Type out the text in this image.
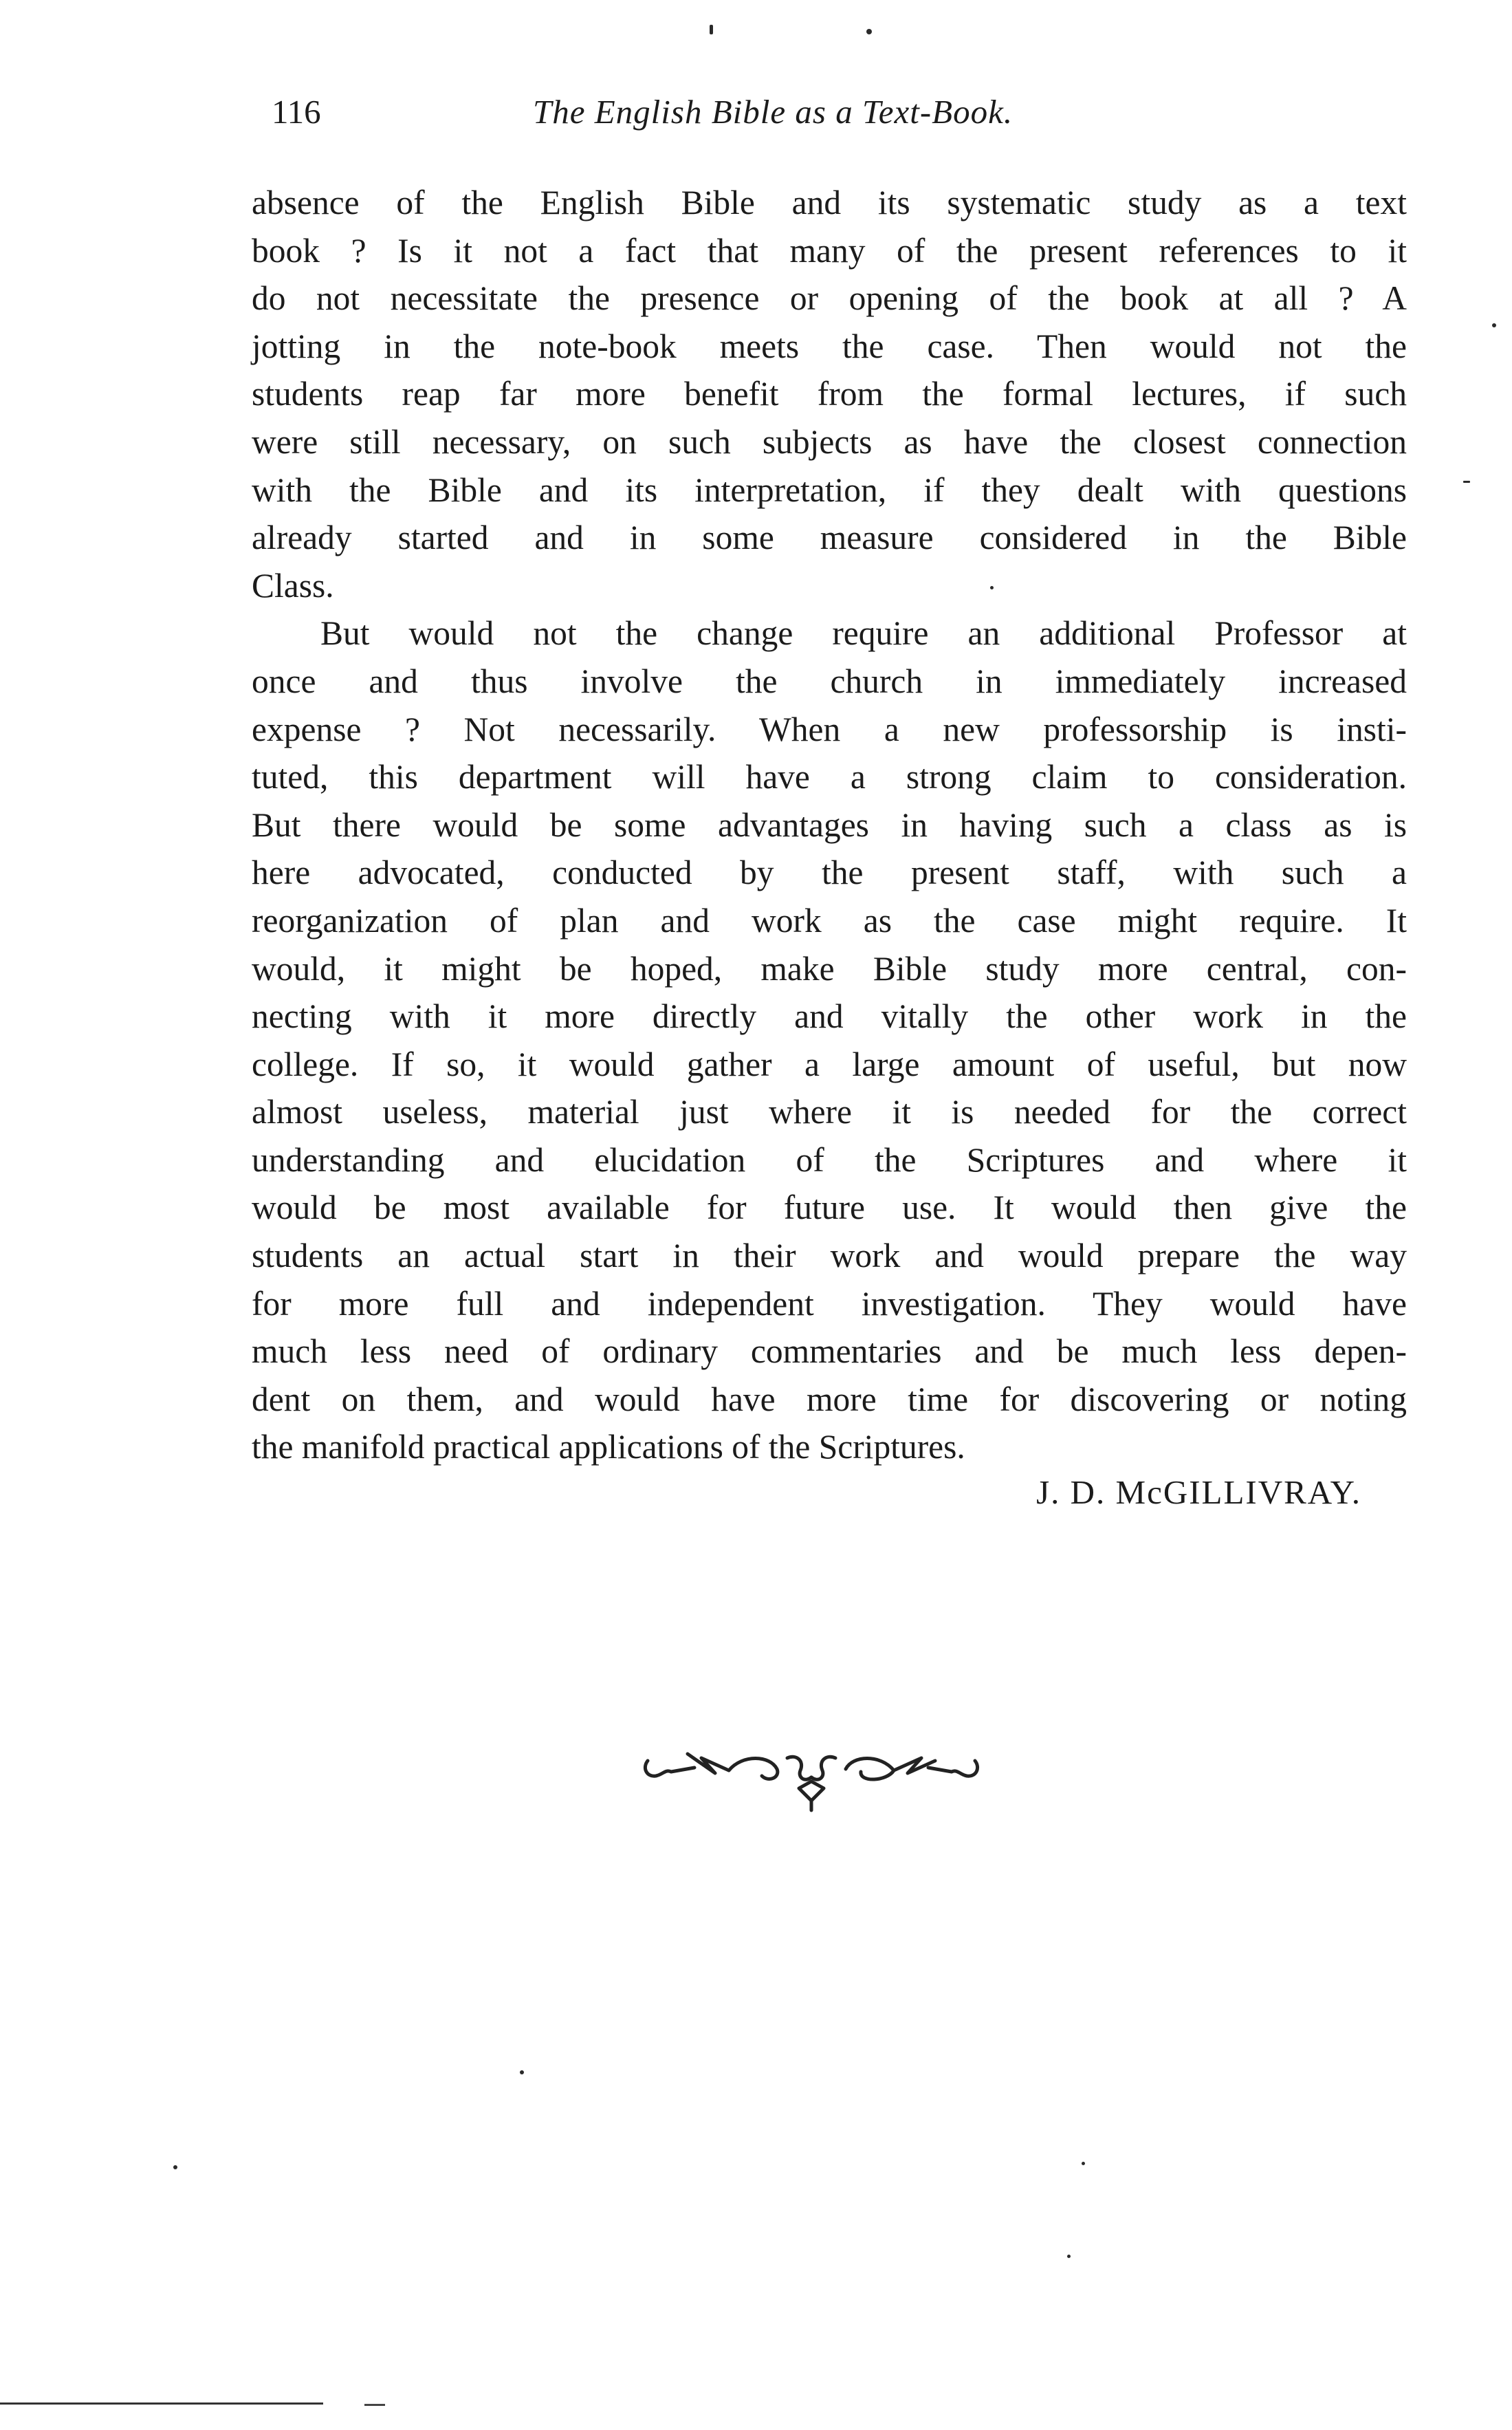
116	The English Bible as a Text-Book.
absence of the English Bible and its systematic study as a text
book ? Is it not a fact that many of the present references to it
do not necessitate the presence or opening of the book at all ? A
jotting in the note-book meets the case. Then would not the
students reap far more benefit from the formal lectures, if such
were still necessary, on such subjects as have the closest connection
with the Bible and its interpretation, if they dealt with questions
already started and in some measure considered in the Bible
Class.
But would not the change require an additional Professor at
once and thus involve the church in immediately increased
expense ? Not necessarily. When a new professorship is insti-
tuted, this department will have a strong claim to consideration.
But there would be some advantages in having such a class as is
here advocated, conducted by the present staff, with such a
reorganization of plan and work as the case might require. It
would, it might be hoped, make Bible study more central, con-
necting with it more directly and vitally the other work in the
college. If so, it would gather a large amount of useful, but now
almost useless, material just where it is needed for the correct
understanding and elucidation of the Scriptures and where it
would be most available for future use. It would then give the
students an actual start in their work and would prepare the way
for more full and independent investigation. They would have
much less need of ordinary commentaries and be much less depen-
dent on them, and would have more time for discovering or noting
the manifold practical applications of the Scriptures.
J. D. McGILLIVRAY.
